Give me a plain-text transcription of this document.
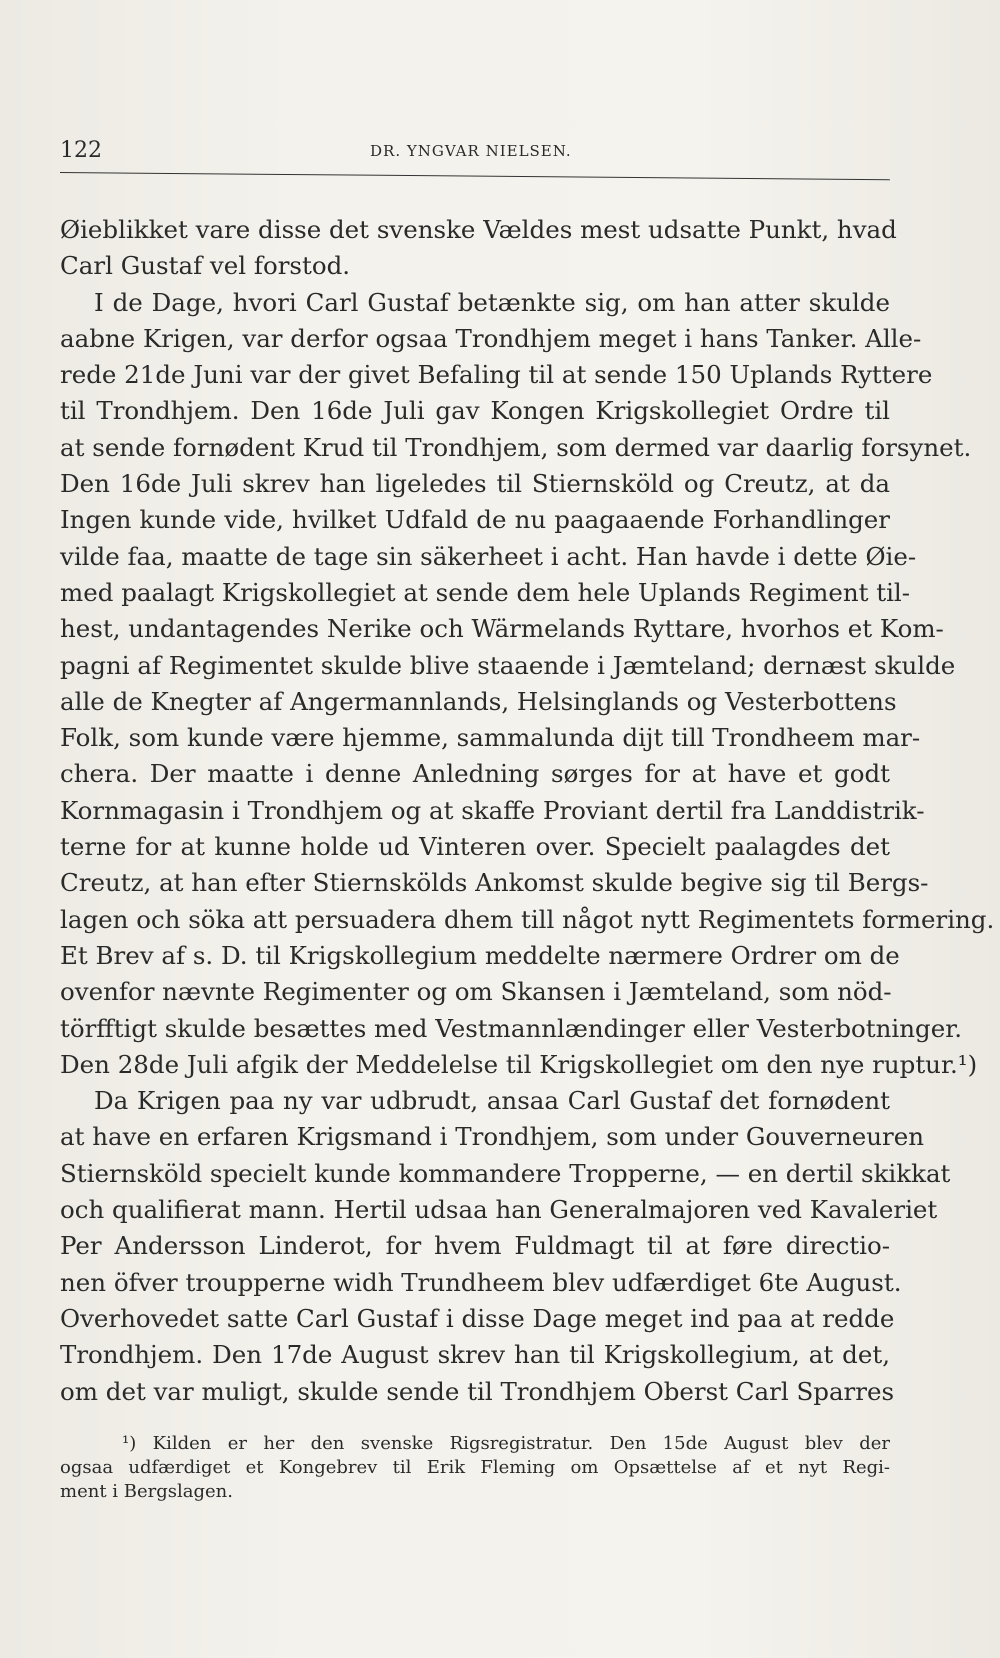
122	DR. YNGVAR NIELSEN.
Øieblikket vare disse det svenske Vældes mest udsatte Punkt, hvad
Carl Gustaf vel forstod.
I de Dage, hvori Carl Gustaf betænkte sig, om han atter skulde
aabne Krigen, var derfor ogsaa Trondhjem meget i hans Tanker. Alle-
rede 21de Juni var der givet Befaling til at sende 150 Uplands Ryttere
til Trondhjem. Den 16de Juli gav Kongen Krigskollegiet Ordre til
at sende fornødent Krud til Trondhjem, som dermed var daarlig forsynet.
Den 16de Juli skrev han ligeledes til Stiernsköld og Creutz, at da
Ingen kunde vide, hvilket Udfald de nu paagaaende Forhandlinger
vilde faa, maatte de tage sin säkerheet i acht. Han havde i dette Øie-
med paalagt Krigskollegiet at sende dem hele Uplands Regiment til-
hest, undantagendes Nerike och Wärmelands Ryttare, hvorhos et Kom-
pagni af Regimentet skulde blive staaende i Jæmteland; dernæst skulde
alle de Knegter af Angermannlands, Helsinglands og Vesterbottens
Folk, som kunde være hjemme, sammalunda dijt till Trondheem mar-
chera. Der maatte i denne Anledning sørges for at have et godt
Kornmagasin i Trondhjem og at skaffe Proviant dertil fra Landdistrik-
terne for at kunne holde ud Vinteren over. Specielt paalagdes det
Creutz, at han efter Stiernskölds Ankomst skulde begive sig til Bergs-
lagen och söka att persuadera dhem till något nytt Regimentets formering.
Et Brev af s. D. til Krigskollegium meddelte nærmere Ordrer om de
ovenfor nævnte Regimenter og om Skansen i Jæmteland, som nöd-
törfftigt skulde besættes med Vestmannlændinger eller Vesterbotninger.
Den 28de Juli afgik der Meddelelse til Krigskollegiet om den nye ruptur.¹)
Da Krigen paa ny var udbrudt, ansaa Carl Gustaf det fornødent
at have en erfaren Krigsmand i Trondhjem, som under Gouverneuren
Stiernsköld specielt kunde kommandere Tropperne, — en dertil skikkat
och qualifierat mann. Hertil udsaa han Generalmajoren ved Kavaleriet
Per Andersson Linderot, for hvem Fuldmagt til at føre directio-
nen öfver troupperne widh Trundheem blev udfærdiget 6te August.
Overhovedet satte Carl Gustaf i disse Dage meget ind paa at redde
Trondhjem. Den 17de August skrev han til Krigskollegium, at det,
om det var muligt, skulde sende til Trondhjem Oberst Carl Sparres
¹) Kilden er her den svenske Rigsregistratur. Den 15de August blev der
ogsaa udfærdiget et Kongebrev til Erik Fleming om Opsættelse af et nyt Regi-
ment i Bergslagen.
